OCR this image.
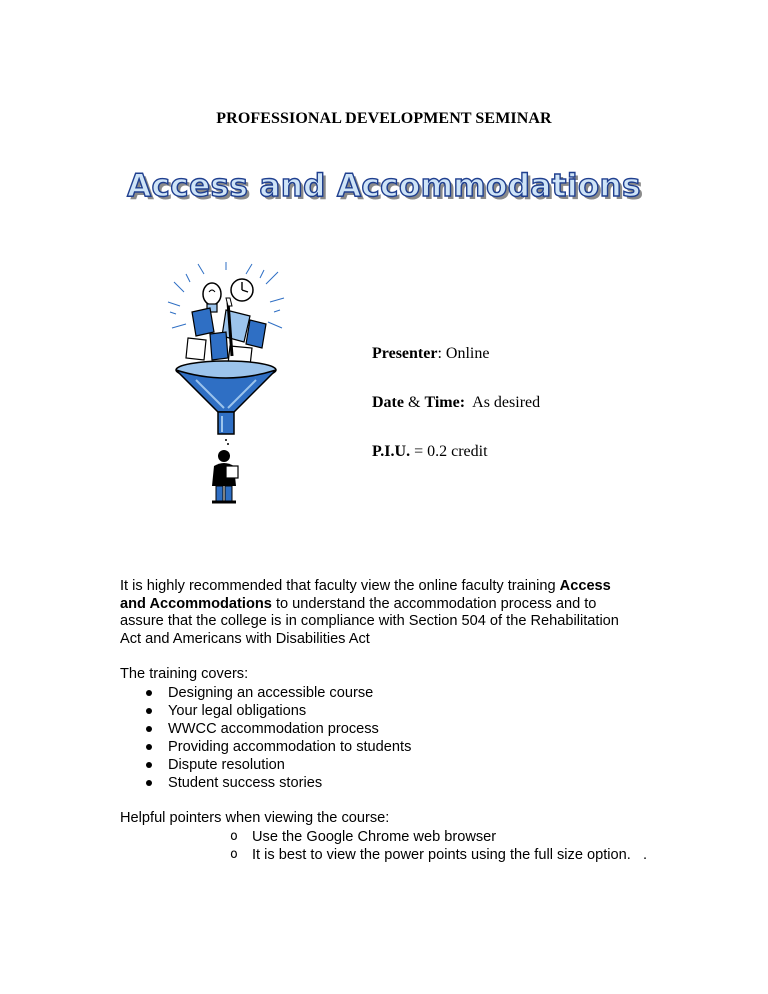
PROFESSIONAL DEVELOPMENT SEMINAR
Access and Accommodations
Presenter: Online
Date & Time:  As desired
P.I.U. = 0.2 credit
It is highly recommended that faculty view the online faculty training Access and Accommodations to understand the accommodation process and to assure that the college is in compliance with Section 504 of the Rehabilitation Act and Americans with Disabilities Act
The training covers:
Designing an accessible course
Your legal obligations
WWCC accommodation process
Providing accommodation to students
Dispute resolution
Student success stories
Helpful pointers when viewing the course:
o Use the Google Chrome web browser
o It is best to view the power points using the full size option.   .
